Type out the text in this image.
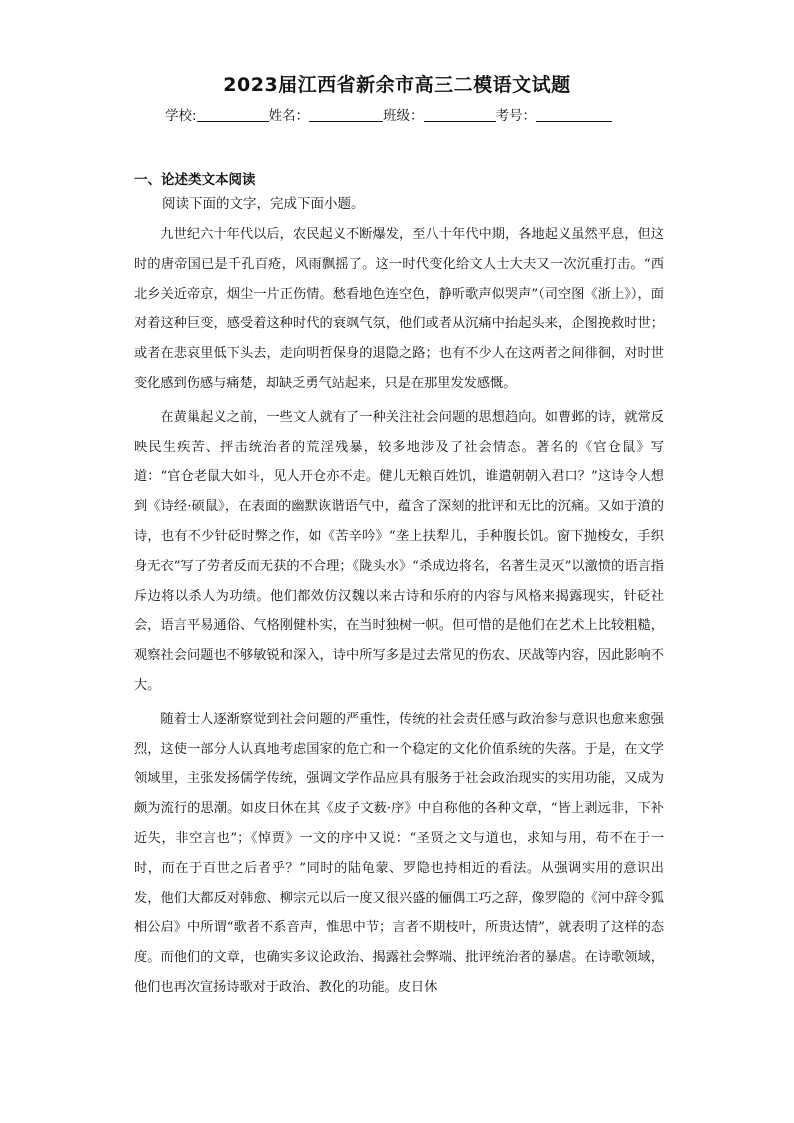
2023届江西省新余市高三二模语文试题
学校:	姓名：	班级：	考号：
一、论述类文本阅读
阅读下面的文字，完成下面小题。

九世纪六十年代以后，农民起义不断爆发，至八十年代中期，各地起义虽然平息，但这时的唐帝国已是千孔百疮，风雨飘摇了。这一时代变化给文人士大夫又一次沉重打击。“西北乡关近帝京，烟尘一片正伤情。愁看地色连空色，静听歌声似哭声”（司空图《浙上》），面对着这种巨变，感受着这种时代的衰飒气氛，他们或者从沉痛中抬起头来，企图挽救时世；或者在悲哀里低下头去，走向明哲保身的退隐之路；也有不少人在这两者之间徘徊，对时世变化感到伤感与痛楚，却缺乏勇气站起来，只是在那里发发感慨。

在黄巢起义之前，一些文人就有了一种关注社会问题的思想趋向。如曹邺的诗，就常反映民生疾苦、抨击统治者的荒淫残暴，较多地涉及了社会情态。著名的《官仓鼠》写道：“官仓老鼠大如斗，见人开仓亦不走。健儿无粮百姓饥，谁遣朝朝入君口？”这诗令人想到《诗经·硕鼠》，在表面的幽默诙谐语气中，蕴含了深刻的批评和无比的沉痛。又如于濆的诗，也有不少针砭时弊之作，如《苦辛吟》“垄上扶犁儿，手种腹长饥。窗下抛梭女，手织身无衣”写了劳者反而无获的不合理；《陇头水》“杀成边将名，名著生灵灭”以激愤的语言指斥边将以杀人为功绩。他们都效仿汉魏以来古诗和乐府的内容与风格来揭露现实，针砭社会，语言平易通俗、气格刚健朴实，在当时独树一帜。但可惜的是他们在艺术上比较粗糙，观察社会问题也不够敏锐和深入，诗中所写多是过去常见的伤农、厌战等内容，因此影响不大。

随着士人逐渐察觉到社会问题的严重性，传统的社会责任感与政治参与意识也愈来愈强烈，这使一部分人认真地考虑国家的危亡和一个稳定的文化价值系统的失落。于是，在文学领域里，主张发扬儒学传统，强调文学作品应具有服务于社会政治现实的实用功能，又成为颇为流行的思潮。如皮日休在其《皮子文薮·序》中自称他的各种文章，“皆上剥远非，下补近失，非空言也”；《悼贾》一文的序中又说：“圣贤之文与道也，求知与用，苟不在于一时，而在于百世之后者乎？”同时的陆龟蒙、罗隐也持相近的看法。从强调实用的意识出发，他们大都反对韩愈、柳宗元以后一度又很兴盛的俪偶工巧之辞，像罗隐的《河中辞令狐相公启》中所谓“歌者不系音声，惟思中节；言者不期枝叶，所贵达情”，就表明了这样的态度。而他们的文章，也确实多议论政治、揭露社会弊端、批评统治者的暴虐。在诗歌领域，他们也再次宣扬诗歌对于政治、教化的功能。皮日休
